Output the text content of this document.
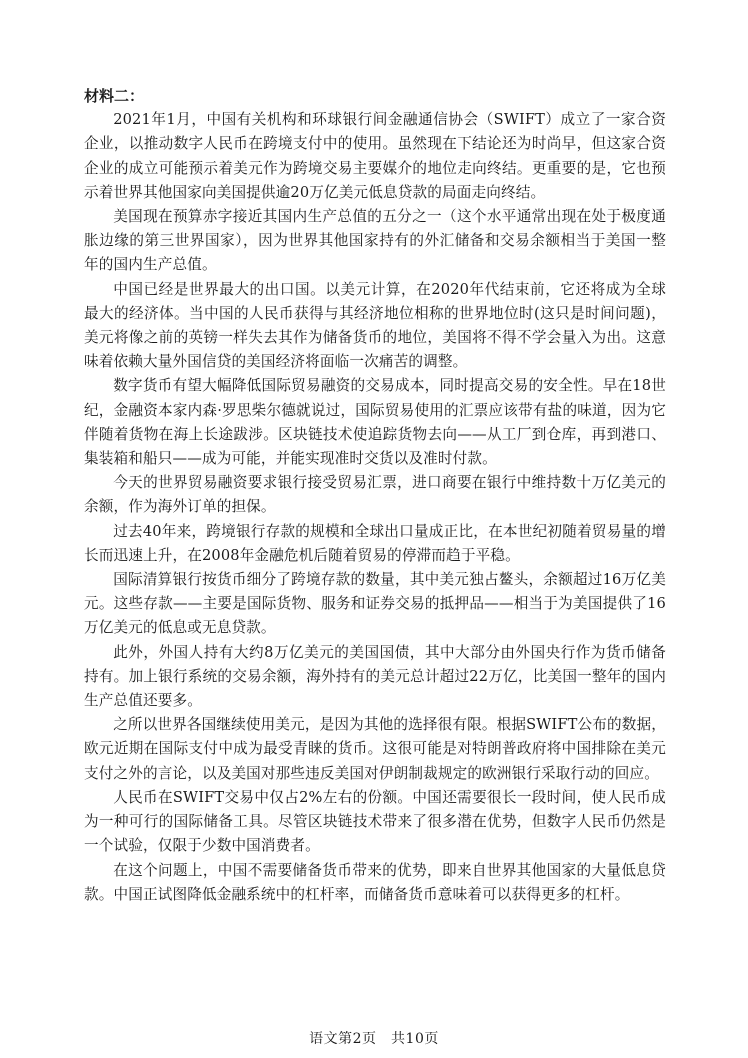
材料二：

2021年1月，中国有关机构和环球银行间金融通信协会（SWIFT）成立了一家合资企业，以推动数字人民币在跨境支付中的使用。虽然现在下结论还为时尚早，但这家合资企业的成立可能预示着美元作为跨境交易主要媒介的地位走向终结。更重要的是，它也预示着世界其他国家向美国提供逾20万亿美元低息贷款的局面走向终结。

美国现在预算赤字接近其国内生产总值的五分之一（这个水平通常出现在处于极度通胀边缘的第三世界国家），因为世界其他国家持有的外汇储备和交易余额相当于美国一整年的国内生产总值。

中国已经是世界最大的出口国。以美元计算，在2020年代结束前，它还将成为全球最大的经济体。当中国的人民币获得与其经济地位相称的世界地位时(这只是时间问题)，美元将像之前的英镑一样失去其作为储备货币的地位，美国将不得不学会量入为出。这意味着依赖大量外国信贷的美国经济将面临一次痛苦的调整。

数字货币有望大幅降低国际贸易融资的交易成本，同时提高交易的安全性。早在18世纪，金融资本家内森·罗思柴尔德就说过，国际贸易使用的汇票应该带有盐的味道，因为它伴随着货物在海上长途跋涉。区块链技术使追踪货物去向——从工厂到仓库，再到港口、集装箱和船只——成为可能，并能实现准时交货以及准时付款。

今天的世界贸易融资要求银行接受贸易汇票，进口商要在银行中维持数十万亿美元的余额，作为海外订单的担保。

过去40年来，跨境银行存款的规模和全球出口量成正比，在本世纪初随着贸易量的增长而迅速上升，在2008年金融危机后随着贸易的停滞而趋于平稳。

国际清算银行按货币细分了跨境存款的数量，其中美元独占鳌头，余额超过16万亿美元。这些存款——主要是国际货物、服务和证券交易的抵押品——相当于为美国提供了16万亿美元的低息或无息贷款。

此外，外国人持有大约8万亿美元的美国国债，其中大部分由外国央行作为货币储备持有。加上银行系统的交易余额，海外持有的美元总计超过22万亿，比美国一整年的国内生产总值还要多。

之所以世界各国继续使用美元，是因为其他的选择很有限。根据SWIFT公布的数据，欧元近期在国际支付中成为最受青睐的货币。这很可能是对特朗普政府将中国排除在美元支付之外的言论，以及美国对那些违反美国对伊朗制裁规定的欧洲银行采取行动的回应。

人民币在SWIFT交易中仅占2%左右的份额。中国还需要很长一段时间，使人民币成为一种可行的国际储备工具。尽管区块链技术带来了很多潜在优势，但数字人民币仍然是一个试验，仅限于少数中国消费者。

在这个问题上，中国不需要储备货币带来的优势，即来自世界其他国家的大量低息贷款。中国正试图降低金融系统中的杠杆率，而储备货币意味着可以获得更多的杠杆。

语文第2页　共10页
